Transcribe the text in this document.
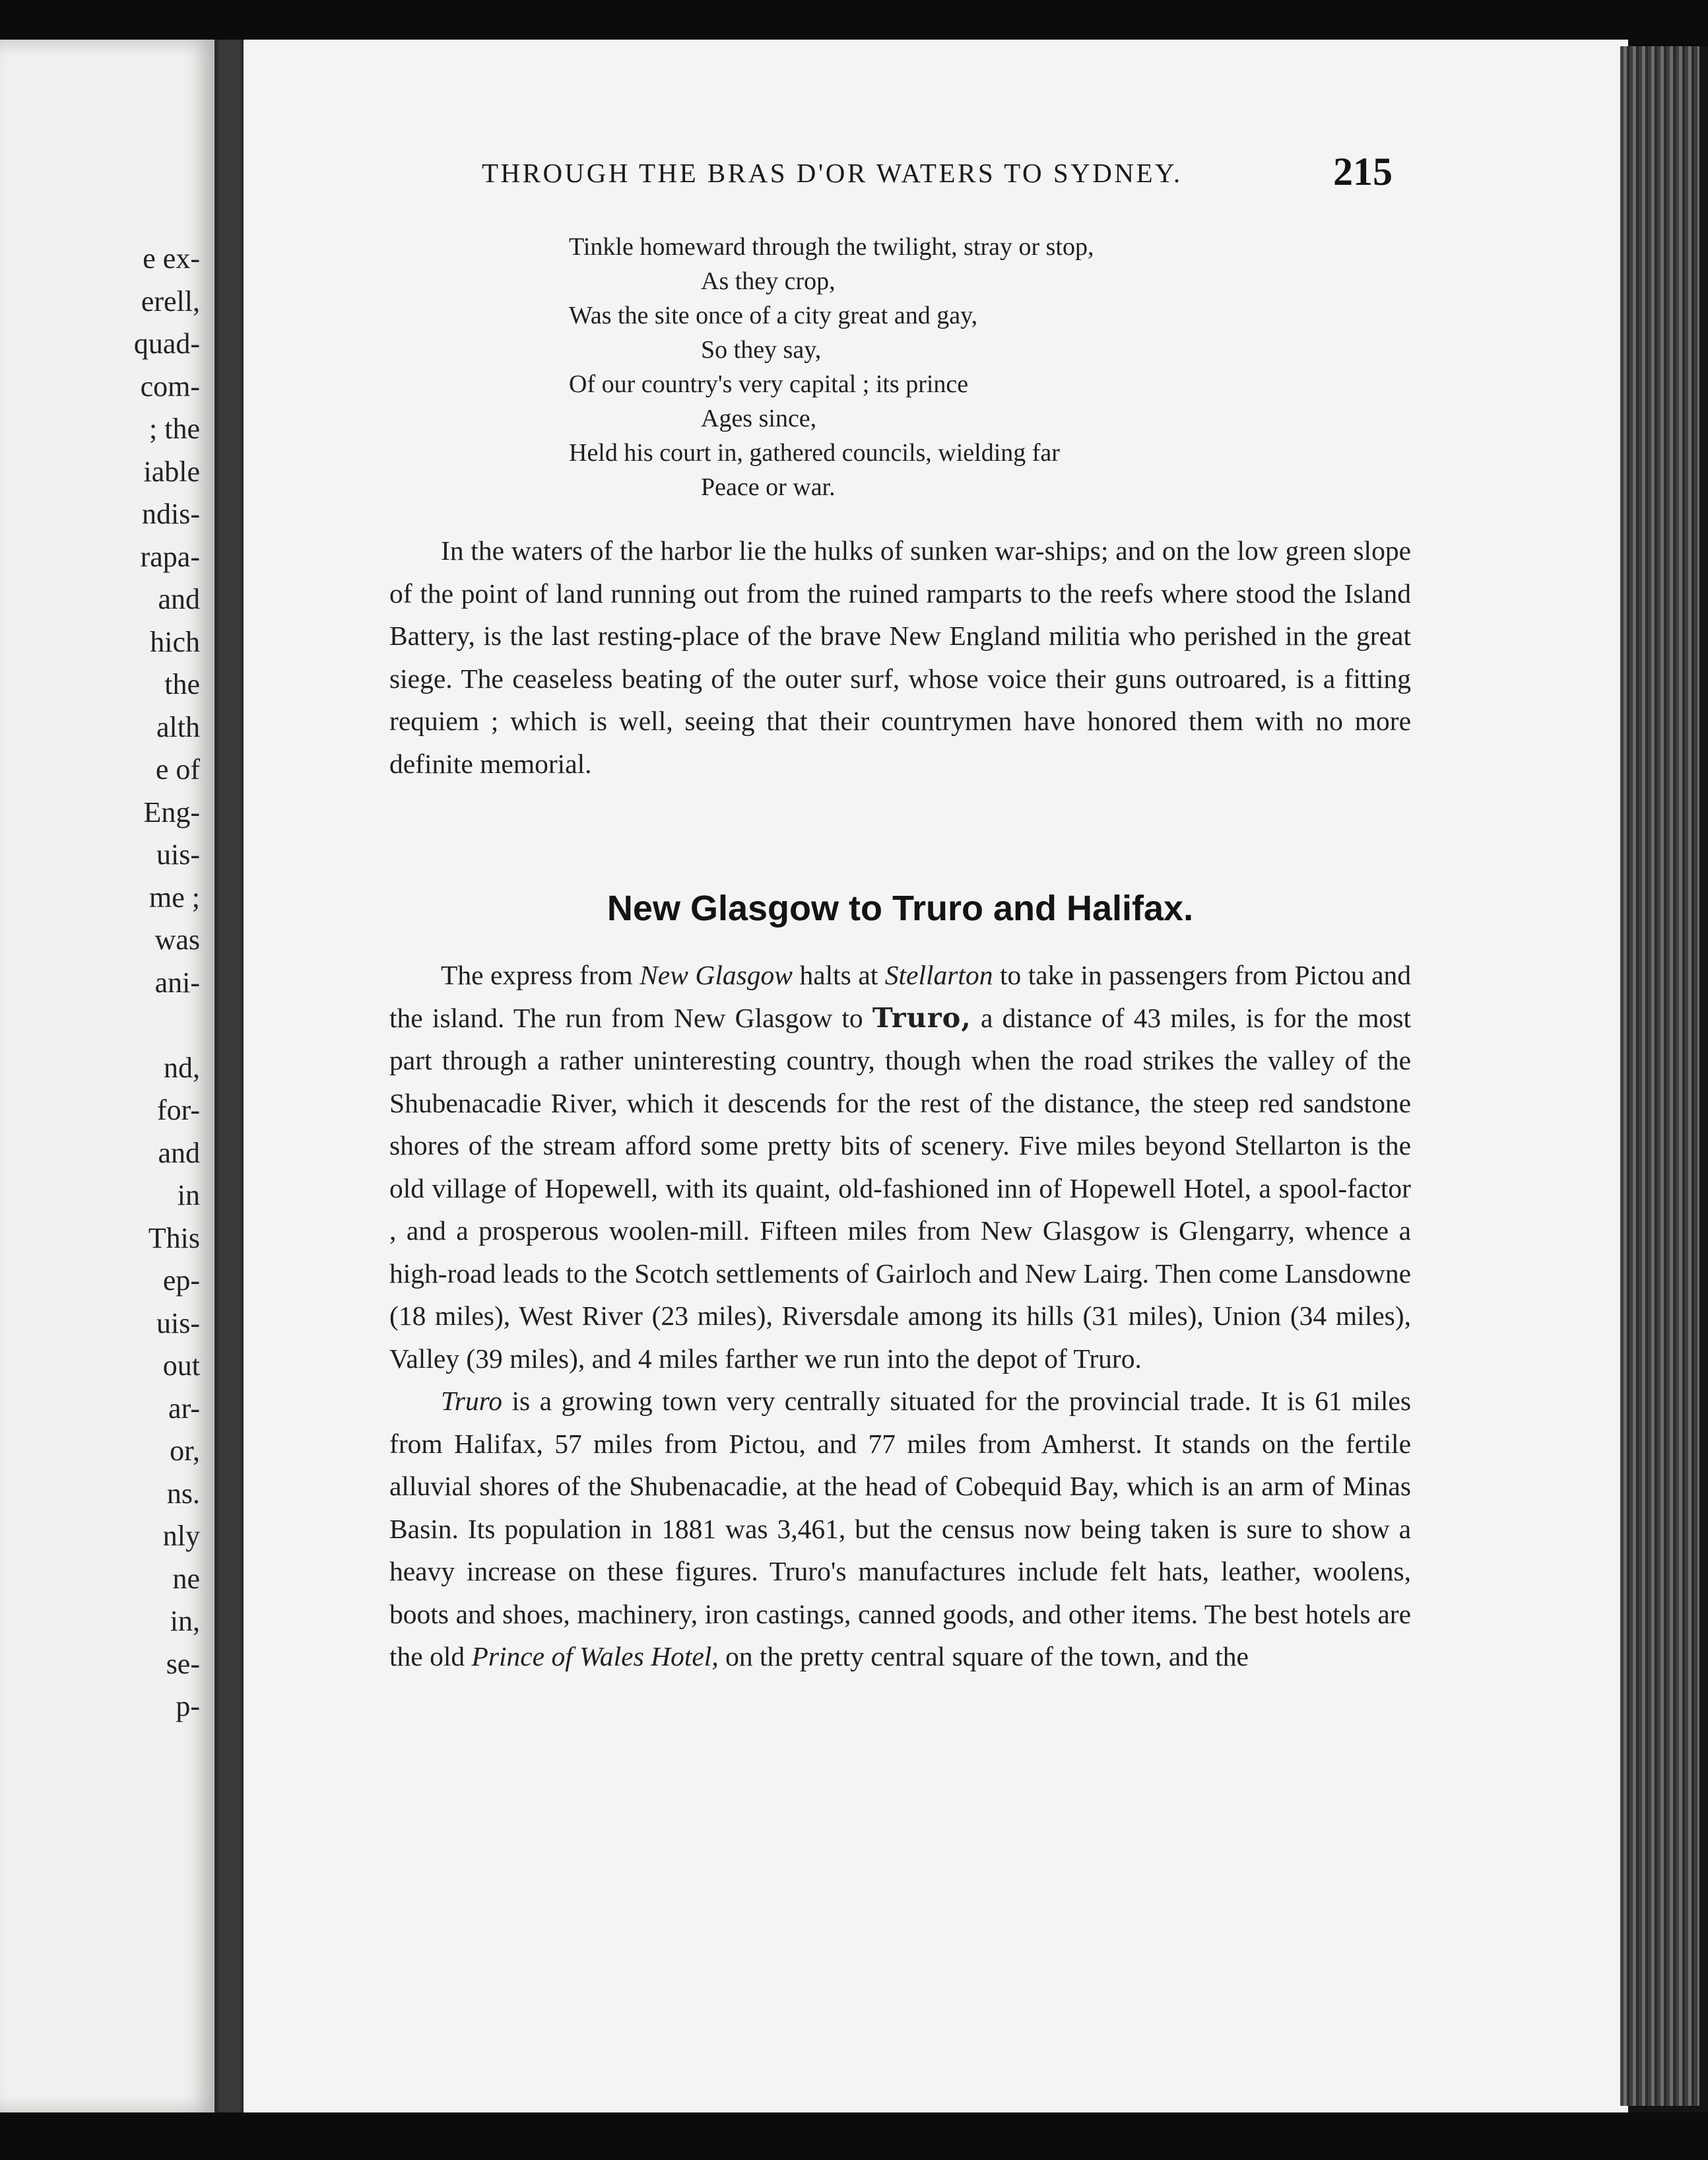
e ex-
erell,
quad-
com-
; the
iable
ndis-
rapa-
and
hich
the
alth
e of
Eng-
uis-
me ;
was
ani-
nd,
for-
and
in
This
ep-
uis-
out
ar-
or,
ns.
nly
ne
in,
se-
p-
THROUGH THE BRAS D'OR WATERS TO SYDNEY.	215
Tinkle homeward through the twilight, stray or stop,
As they crop,
Was the site once of a city great and gay,
So they say,
Of our country's very capital ; its prince
Ages since,
Held his court in, gathered councils, wielding far
Peace or war.

In the waters of the harbor lie the hulks of sunken war-ships; and on the low green slope of the point of land running out from the ruined ramparts to the reefs where stood the Island Battery, is the last resting-place of the brave New England militia who perished in the great siege. The ceaseless beating of the outer surf, whose voice their guns outroared, is a fitting requiem ; which is well, seeing that their countrymen have honored them with no more definite memorial.

New Glasgow to Truro and Halifax.

The express from New Glasgow halts at Stellarton to take in passengers from Pictou and the island. The run from New Glasgow to Truro, a distance of 43 miles, is for the most part through a rather uninteresting country, though when the road strikes the valley of the Shubenacadie River, which it descends for the rest of the distance, the steep red sandstone shores of the stream afford some pretty bits of scenery. Five miles beyond Stellarton is the old village of Hopewell, with its quaint, old-fashioned inn of Hopewell Hotel, a spool-factor , and a prosperous woolen-mill. Fifteen miles from New Glasgow is Glengarry, whence a high-road leads to the Scotch settlements of Gairloch and New Lairg. Then come Lansdowne (18 miles), West River (23 miles), Riversdale among its hills (31 miles), Union (34 miles), Valley (39 miles), and 4 miles farther we run into the depot of Truro.

Truro is a growing town very centrally situated for the provincial trade. It is 61 miles from Halifax, 57 miles from Pictou, and 77 miles from Amherst. It stands on the fertile alluvial shores of the Shubenacadie, at the head of Cobequid Bay, which is an arm of Minas Basin. Its population in 1881 was 3,461, but the census now being taken is sure to show a heavy increase on these figures. Truro's manufactures include felt hats, leather, woolens, boots and shoes, machinery, iron castings, canned goods, and other items. The best hotels are the old Prince of Wales Hotel, on the pretty central square of the town, and the
